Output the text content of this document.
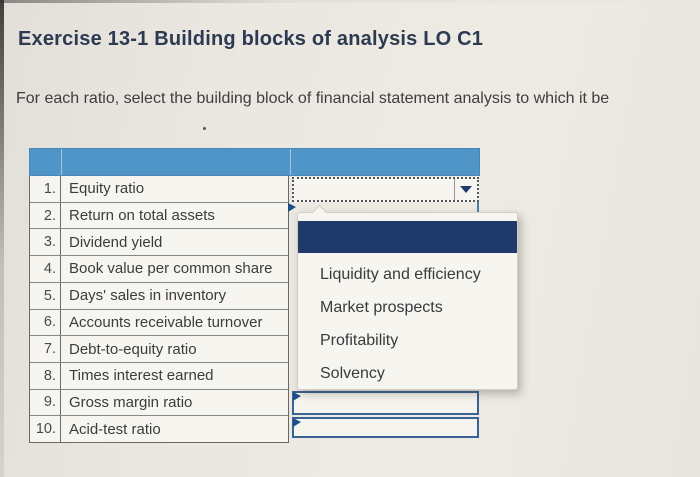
Exercise 13-1 Building blocks of analysis LO C1
For each ratio, select the building block of financial statement analysis to which it be
1. Equity ratio
2. Return on total assets
3. Dividend yield
4. Book value per common share
5. Days' sales in inventory
6. Accounts receivable turnover
7. Debt-to-equity ratio
8. Times interest earned
9. Gross margin ratio
10. Acid-test ratio
Liquidity and efficiency
Market prospects
Profitability
Solvency
